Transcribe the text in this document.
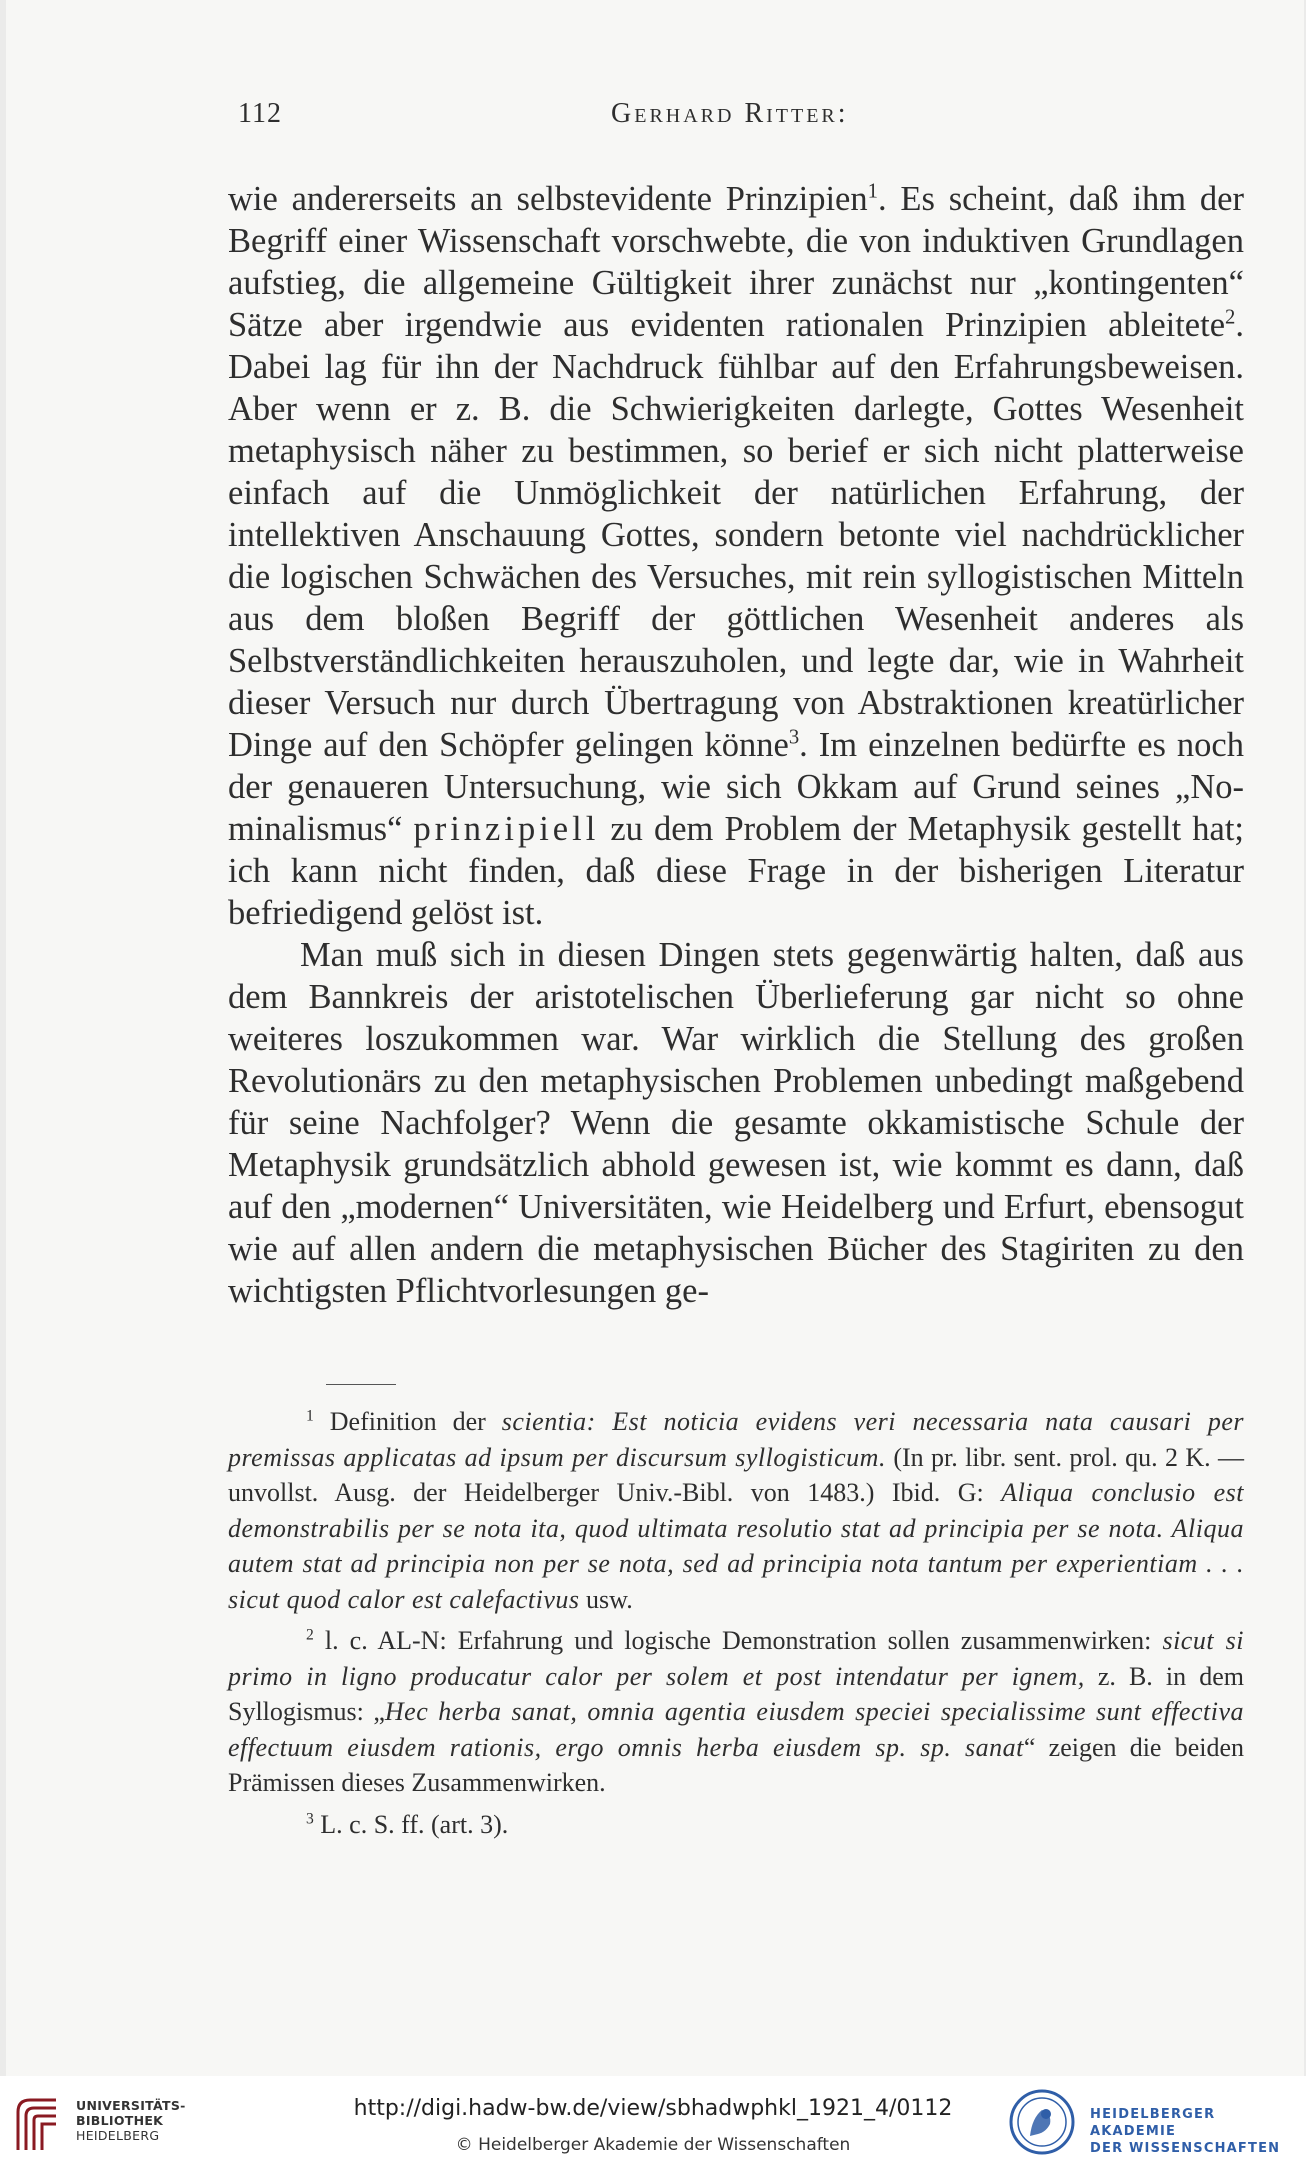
112	Gerhard Ritter:

wie andererseits an selbstevidente Prinzipien$^1$. Es scheint, daß ihm der Begriff einer Wissenschaft vorschwebte, die von induktiven Grundlagen aufstieg, die allgemeine Gültigkeit ihrer zunächst nur „kontingenten“ Sätze aber irgendwie aus evidenten rationalen Prinzipien ableitete$^2$. Dabei lag für ihn der Nachdruck fühlbar auf den Erfahrungsbeweisen. Aber wenn er z. B. die Schwierigkeiten darlegte, Gottes Wesenheit metaphysisch näher zu bestimmen, so berief er sich nicht platterweise einfach auf die Unmöglichkeit der natürlichen Erfahrung, der intellektiven Anschauung Gottes, sondern betonte viel nachdrücklicher die logischen Schwächen des Versuches, mit rein syllogistischen Mitteln aus dem bloßen Begriff der göttlichen Wesenheit anderes als Selbstverständlichkeiten herauszuholen, und legte dar, wie in Wahrheit dieser Versuch nur durch Übertragung von Abstraktionen kreatürlicher Dinge auf den Schöpfer gelingen könne$^3$. Im einzelnen bedürfte es noch der genaueren Untersuchung, wie sich Okkam auf Grund seines „Nominalismus“ prinzipiell zu dem Problem der Metaphysik gestellt hat; ich kann nicht finden, daß diese Frage in der bisherigen Literatur befriedigend gelöst ist.

Man muß sich in diesen Dingen stets gegenwärtig halten, daß aus dem Bannkreis der aristotelischen Überlieferung gar nicht so ohne weiteres loszukommen war. War wirklich die Stellung des großen Revolutionärs zu den metaphysischen Problemen unbedingt maßgebend für seine Nachfolger? Wenn die gesamte okkamistische Schule der Metaphysik grundsätzlich abhold gewesen ist, wie kommt es dann, daß auf den „modernen“ Universitäten, wie Heidelberg und Erfurt, ebensogut wie auf allen andern die metaphysischen Bücher des Stagiriten zu den wichtigsten Pflichtvorlesungen ge-

$^1$ Definition der scientia: Est noticia evidens veri necessaria nata causari per premissas applicatas ad ipsum per discursum syllogisticum. (In pr. libr. sent. prol. qu. 2 K. — unvollst. Ausg. der Heidelberger Univ.-Bibl. von 1483.) Ibid. G: Aliqua conclusio est demonstrabilis per se nota ita, quod ultimata resolutio stat ad principia per se nota. Aliqua autem stat ad principia non per se nota, sed ad principia nota tantum per experientiam . . . sicut quod calor est calefactivus usw.

$^2$ l. c. AL-N: Erfahrung und logische Demonstration sollen zusammenwirken: sicut si primo in ligno producatur calor per solem et post intendatur per ignem, z. B. in dem Syllogismus: „Hec herba sanat, omnia agentia eiusdem speciei specialissime sunt effectiva effectuum eiusdem rationis, ergo omnis herba eiusdem sp. sp. sanat“ zeigen die beiden Prämissen dieses Zusammenwirken.

$^3$ L. c. S. ff. (art. 3).

UNIVERSITÄTS-
BIBLIOTHEK
HEIDELBERG
http://digi.hadw-bw.de/view/sbhadwphkl_1921_4/0112
© Heidelberger Akademie der Wissenschaften
HEIDELBERGER AKADEMIE
DER WISSENSCHAFTEN
